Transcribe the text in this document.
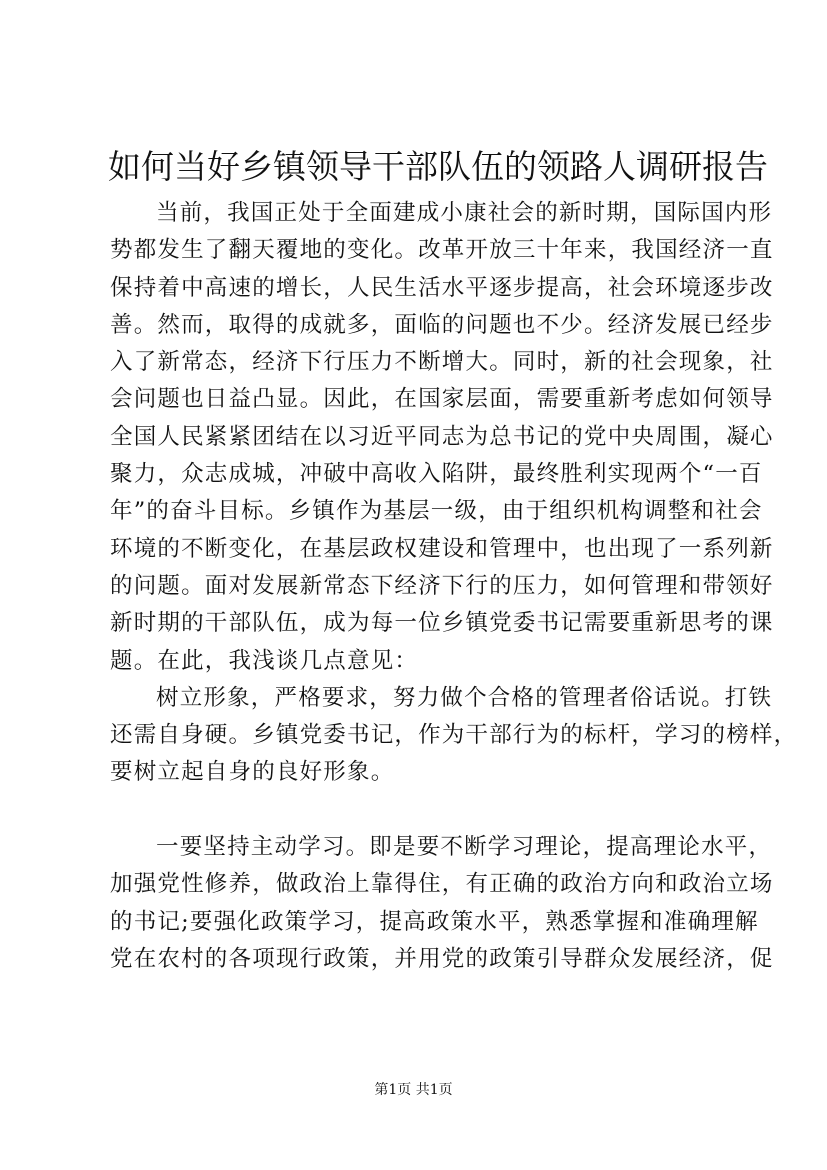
如何当好乡镇领导干部队伍的领路人调研报告
当前，我国正处于全面建成小康社会的新时期，国际国内形
势都发生了翻天覆地的变化。改革开放三十年来，我国经济一直
保持着中高速的增长，人民生活水平逐步提高，社会环境逐步改
善。然而，取得的成就多，面临的问题也不少。经济发展已经步
入了新常态，经济下行压力不断增大。同时，新的社会现象，社
会问题也日益凸显。因此，在国家层面，需要重新考虑如何领导
全国人民紧紧团结在以习近平同志为总书记的党中央周围，凝心
聚力，众志成城，冲破中高收入陷阱，最终胜利实现两个“一百
年”的奋斗目标。乡镇作为基层一级，由于组织机构调整和社会
环境的不断变化，在基层政权建设和管理中，也出现了一系列新
的问题。面对发展新常态下经济下行的压力，如何管理和带领好
新时期的干部队伍，成为每一位乡镇党委书记需要重新思考的课
题。在此，我浅谈几点意见：
树立形象，严格要求，努力做个合格的管理者俗话说。打铁
还需自身硬。乡镇党委书记，作为干部行为的标杆，学习的榜样，
要树立起自身的良好形象。
一要坚持主动学习。即是要不断学习理论，提高理论水平，
加强党性修养，做政治上靠得住，有正确的政治方向和政治立场
的书记;要强化政策学习，提高政策水平，熟悉掌握和准确理解
党在农村的各项现行政策，并用党的政策引导群众发展经济，促
第1页 共1页
